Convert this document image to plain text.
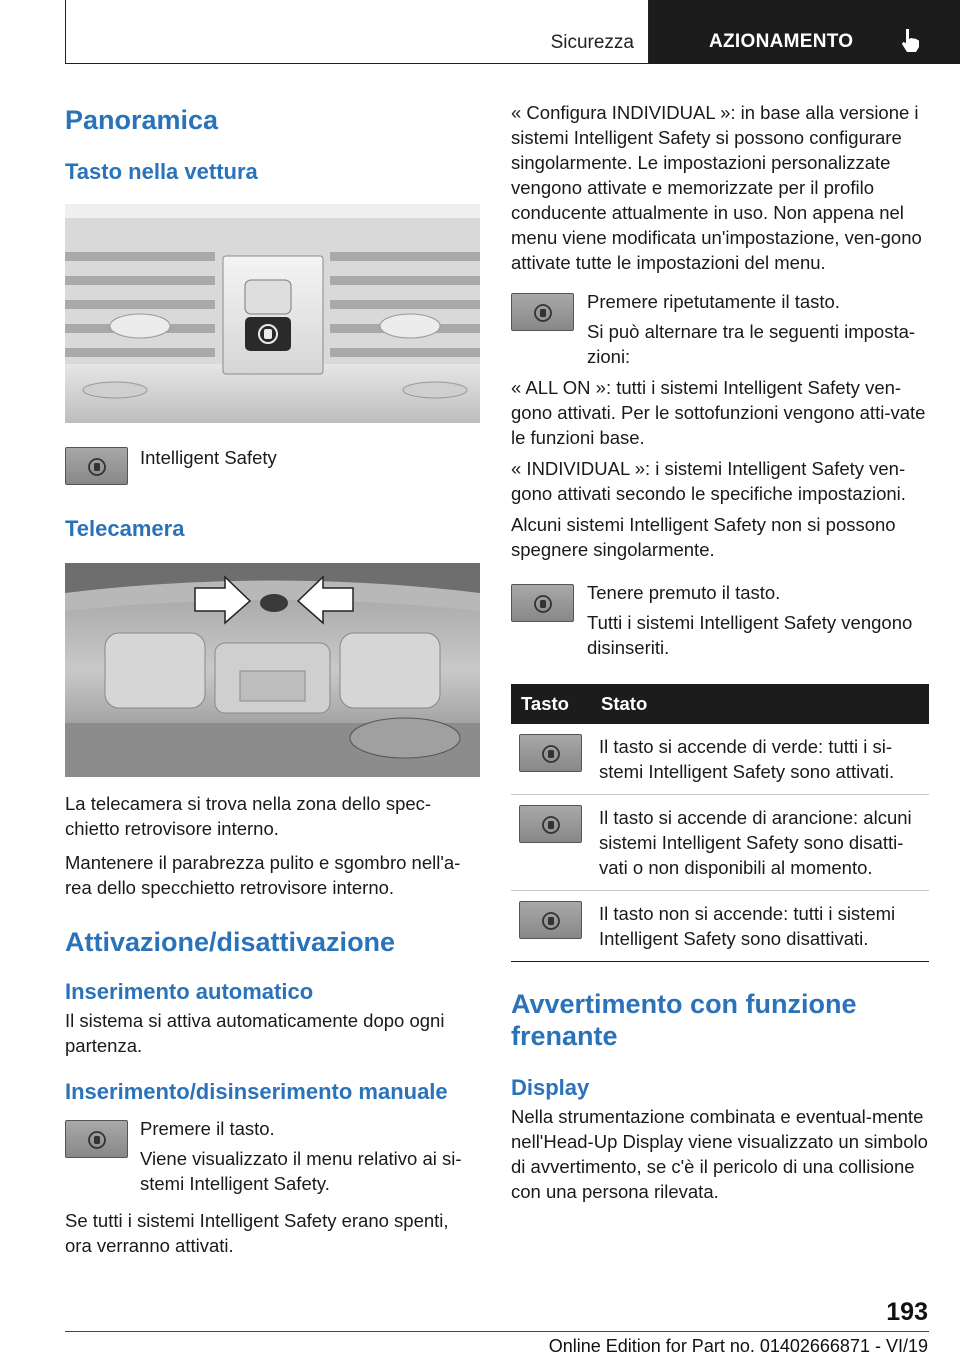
Sicurezza	AZIONAMENTO
Panoramica
Tasto nella vettura
Intelligent Safety
Telecamera
La telecamera si trova nella zona dello spec-chietto retrovisore interno.
Mantenere il parabrezza pulito e sgombro nell'a-rea dello specchietto retrovisore interno.
Attivazione/disattivazione
Inserimento automatico
Il sistema si attiva automaticamente dopo ogni partenza.
Inserimento/disinserimento manuale
Premere il tasto.
Viene visualizzato il menu relativo ai si-stemi Intelligent Safety.
Se tutti i sistemi Intelligent Safety erano spenti, ora verranno attivati.
« Configura INDIVIDUAL »: in base alla versione i sistemi Intelligent Safety si possono configurare singolarmente. Le impostazioni personalizzate vengono attivate e memorizzate per il profilo conducente attualmente in uso. Non appena nel menu viene modificata un'impostazione, ven-gono attivate tutte le impostazioni del menu.
Premere ripetutamente il tasto.
Si può alternare tra le seguenti imposta-zioni:
« ALL ON »: tutti i sistemi Intelligent Safety ven-gono attivati. Per le sottofunzioni vengono atti-vate le funzioni base.
« INDIVIDUAL »: i sistemi Intelligent Safety ven-gono attivati secondo le specifiche impostazioni.
Alcuni sistemi Intelligent Safety non si possono spegnere singolarmente.
Tenere premuto il tasto.
Tutti i sistemi Intelligent Safety vengono disinseriti.
Tasto	Stato

	Il tasto si accende di verde: tutti i si-stemi Intelligent Safety sono attivati.

	Il tasto si accende di arancione: alcuni sistemi Intelligent Safety sono disatti-vati o non disponibili al momento.

	Il tasto non si accende: tutti i sistemi Intelligent Safety sono disattivati.
Avvertimento con funzione frenante
Display
Nella strumentazione combinata e eventual-mente nell'Head-Up Display viene visualizzato un simbolo di avvertimento, se c'è il pericolo di una collisione con una persona rilevata.
193
Online Edition for Part no. 01402666871 - VI/19
